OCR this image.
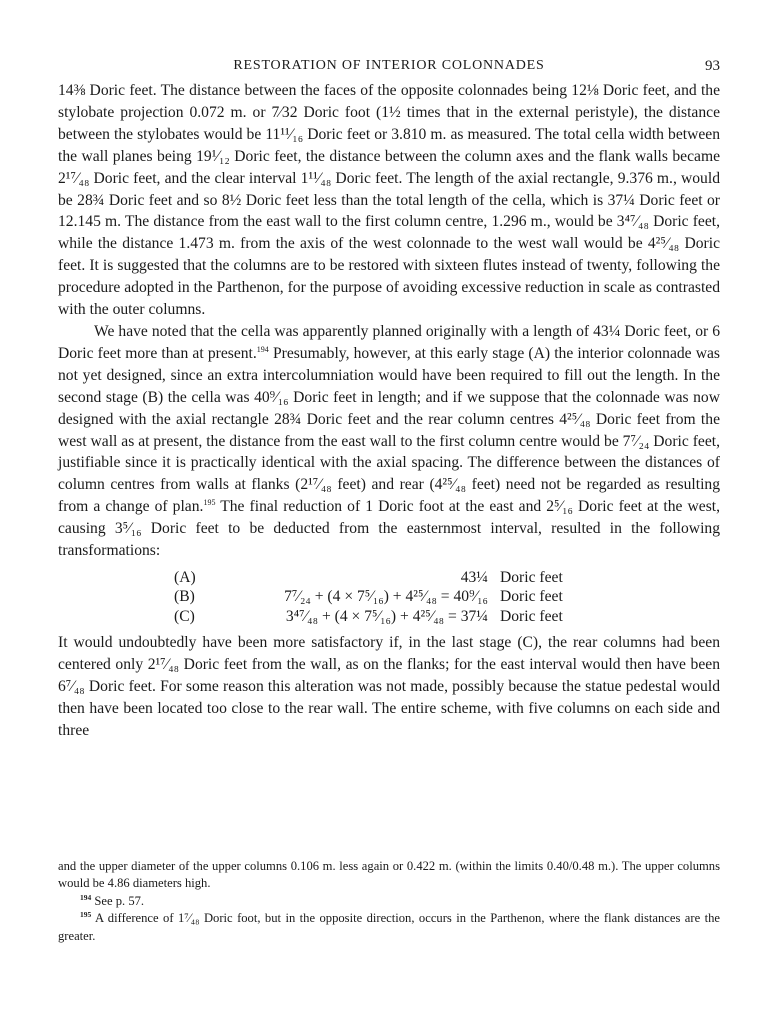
RESTORATION OF INTERIOR COLONNADES	93

14⅜ Doric feet. The distance between the faces of the opposite colonnades being 12⅛ Doric feet, and the stylobate projection 0.072 m. or 7⁄32 Doric foot (1½ times that in the external peristyle), the distance between the stylobates would be 11¹¹⁄₁₆ Doric feet or 3.810 m. as measured. The total cella width between the wall planes being 19¹⁄₁₂ Doric feet, the distance between the column axes and the flank walls became 2¹⁷⁄₄₈ Doric feet, and the clear interval 1¹¹⁄₄₈ Doric feet. The length of the axial rectangle, 9.376 m., would be 28¾ Doric feet and so 8½ Doric feet less than the total length of the cella, which is 37¼ Doric feet or 12.145 m. The distance from the east wall to the first column centre, 1.296 m., would be 3⁴⁷⁄₄₈ Doric feet, while the distance 1.473 m. from the axis of the west colonnade to the west wall would be 4²⁵⁄₄₈ Doric feet. It is suggested that the columns are to be restored with sixteen flutes instead of twenty, following the procedure adopted in the Parthenon, for the purpose of avoiding excessive reduction in scale as contrasted with the outer columns.

We have noted that the cella was apparently planned originally with a length of 43¼ Doric feet, or 6 Doric feet more than at present.$^{194}$ Presumably, however, at this early stage (A) the interior colonnade was not yet designed, since an extra intercolumniation would have been required to fill out the length. In the second stage (B) the cella was 40⁹⁄₁₆ Doric feet in length; and if we suppose that the colonnade was now designed with the axial rectangle 28¾ Doric feet and the rear column centres 4²⁵⁄₄₈ Doric feet from the west wall as at present, the distance from the east wall to the first column centre would be 7⁷⁄₂₄ Doric feet, justifiable since it is practically identical with the axial spacing. The difference between the distances of column centres from walls at flanks (2¹⁷⁄₄₈ feet) and rear (4²⁵⁄₄₈ feet) need not be regarded as resulting from a change of plan.$^{195}$ The final reduction of 1 Doric foot at the east and 2⁵⁄₁₆ Doric feet at the west, causing 3⁵⁄₁₆ Doric feet to be deducted from the easternmost interval, resulted in the following transformations:

(A)	43¼	Doric feet
(B)	7⁷⁄₂₄ + (4 × 7⁵⁄₁₆) + 4²⁵⁄₄₈ = 40⁹⁄₁₆	Doric feet
(C)	3⁴⁷⁄₄₈ + (4 × 7⁵⁄₁₆) + 4²⁵⁄₄₈ = 37¼	Doric feet

It would undoubtedly have been more satisfactory if, in the last stage (C), the rear columns had been centered only 2¹⁷⁄₄₈ Doric feet from the wall, as on the flanks; for the east interval would then have been 6⁷⁄₄₈ Doric feet. For some reason this alteration was not made, possibly because the statue pedestal would then have been located too close to the rear wall. The entire scheme, with five columns on each side and three

and the upper diameter of the upper columns 0.106 m. less again or 0.422 m. (within the limits 0.40/0.48 m.). The upper columns would be 4.86 diameters high.

$^{194}$ See p. 57.

$^{195}$ A difference of 1⁷⁄₄₈ Doric foot, but in the opposite direction, occurs in the Parthenon, where the flank distances are the greater.
